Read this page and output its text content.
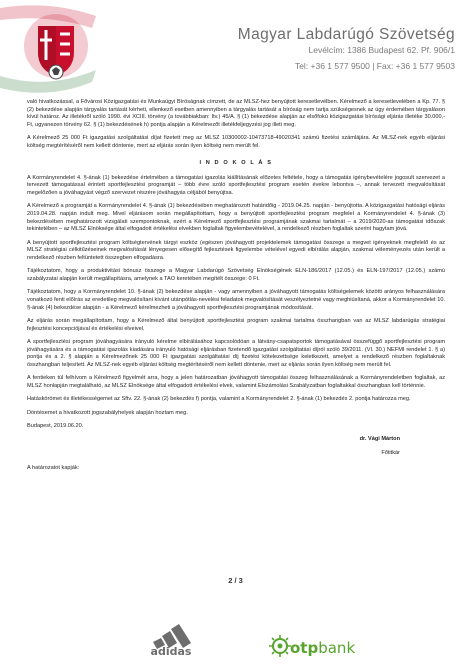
Magyar Labdarúgó Szövetség
Levélcím: 1386 Budapest 62. Pf. 906/1
Tel: +36 1 577 9500 | Fax: +36 1 577 9503

való hivatkozással, a Fővárosi Közigazgatási és Munkaügyi Bíróságnak címzett, de az MLSZ-hez benyújtott keresetlevélben. Kérelmező a keresetlevelében a Kp. 77. § (2) bekezdése alapján tárgyalás tartását kérheti, ellenkező esetben amennyiben a tárgyalás tartását a bíróság nem tartja szükségesnek az ügy érdemében tárgyaláson kívül határoz. Az illetékről szóló 1990. évi XCIII. törvény (a továbbiakban: Itv.) 45/A. § (1) bekezdése alapján az elsőfokú közigazgatási bírósági eljárás illetéke 30.000,- Ft, ugyanezen törvény 62. § (1) bekezdésének h) pontja alapján a Kérelmezőt illetékfeljegyzési jog illeti meg.

A Kérelmező 25 000 Ft igazgatási szolgáltatási díjat fizetett meg az MLSZ 10300002-10473718-49020341 számú fizetési számlájára. Az MLSZ-nek egyéb eljárási költség megtérítéséről nem kellett döntenie, mert az eljárás során ilyen költség nem merült fel.

I N D O K O L Á S

A Kormányrendelet 4. §-ának (1) bekezdése értelmében a támogatási igazolás kiállításának előzetes feltétele, hogy a támogatás igénybevételére jogosult szervezet a tervezett támogatással érintett sportfejlesztési programját – több évre szóló sportfejlesztési program esetén évekre lebontva –, annak tervezett megvalósítását megelőzően a jóváhagyást végző szervezet részére jóváhagyás céljából benyújtsa.

A Kérelmező a programját a Kormányrendelet 4. §-ának (1) bekezdésében meghatározott határidőig - 2019.04.25. napján - benyújtotta. A közigazgatási hatósági eljárás 2019.04.28. napján indult meg. Mivel eljárásom során megállapítottam, hogy a benyújtott sportfejlesztési program megfelel a Kormányrendelet 4. §-ának (3) bekezdésében meghatározott vizsgálati szempontoknak, ezért a Kérelmező sportfejlesztési programjának szakmai tartalmát – a 2019/2020-as támogatási időszak tekintetében – az MLSZ Elnöksége által elfogadott értékelési elvekben foglaltak figyelembevételével, a rendelkező részben foglaltak szerint hagytam jóvá.

A benyújtott sportfejlesztési program költségtervének tárgyi eszköz (egészen jóváhagyott projektelemek támogatási összege a megvet igényeknek megfelelő és az MLSZ stratégiai célkitűzéseinek megvalósítását lényegesen elősegítő fejlesztések figyelembe vételével egyedi elbírálás alapján, szakmai véleményezés után került a rendelkező részben feltüntetett összegben elfogadásra.

Tájékoztatom, hogy a produktivitási bónusz összege a Magyar Labdarúgó Szövetség Elnökségének ELN-186/2017 (12.05.) és ELN-197/2017 (12.05.) számú szabályzatai alapján került megállapításra, amelynek a TAO keretében megítélt összege: 0 Ft.

Tájékoztatom, hogy a Kormányrendelet 10. §-ának (2) bekezdése alapján - vagy amennyiben a jóváhagyott támogatás költségelemek közötti arányos felhasználására vonatkozó fenti előírás az eredetileg megvalósítani kívánt utánpótlás-nevelési feladatok megvalósítását veszélyeztetné vagy meghiúsítaná, akkor a Kormányrendelet 10. §-ának (4) bekezdése alapján - a Kérelmező kérelmezheti a jóváhagyott sportfejlesztési programjának módosítását.

Az eljárás során megállapítottam, hogy a Kérelmező által benyújtott sportfejlesztési program szakmai tartalma összhangban van az MLSZ labdarúgás stratégiai fejlesztési koncepciójával és értékelési elveivel.

A sportfejlesztési program jóváhagyására irányuló kérelme elbírálásához kapcsolódóan a látvány-csapatsportok támogatásával összefüggő sportfejlesztési program jóváhagyására és a támogatási igazolás kiadására irányuló hatósági eljárásban fizetendő igazgatási szolgáltatási díjról szóló 39/2011. (VI. 30.) NEFMI rendelet 1. § a) pontja és a 2. § alapján a Kérelmezőnek 25 000 Ft igazgatási szolgáltatási díj fizetési kötelezettsége keletkezett, amelyet a rendelkező részben foglaltaknak összhangban teljesített. Az MLSZ-nek egyéb eljárási költség megtérítéséről nem kellett döntenie, mert az eljárás során ilyen költség nem merült fel.

A fentieken túl felhívom a Kérelmező figyelmét arra, hogy a jelen határozatban jóváhagyott támogatási összeg felhasználásának a Kormányrendeletben foglaltak, az MLSZ honlapján megtalálható, az MLSZ Elnöksége által elfogadott értékelési elvek, valamint Elszámolási Szabályzatban foglaltakkal összhangban kell történnie.

Hatáskörömet és illetékességemet az Sftv. 22. §-ának (2) bekezdés f) pontja, valamint a Kormányrendelet 2. §-ának (1) bekezdés 2. pontja határozza meg.

Döntésemet a hivatkozott jogszabályhelyek alapján hoztam meg.

Budapest, 2019.06.20.

dr. Vági Márton

Főtitkár

A határozatot kapják:

2 / 3
adidas	otpbank
